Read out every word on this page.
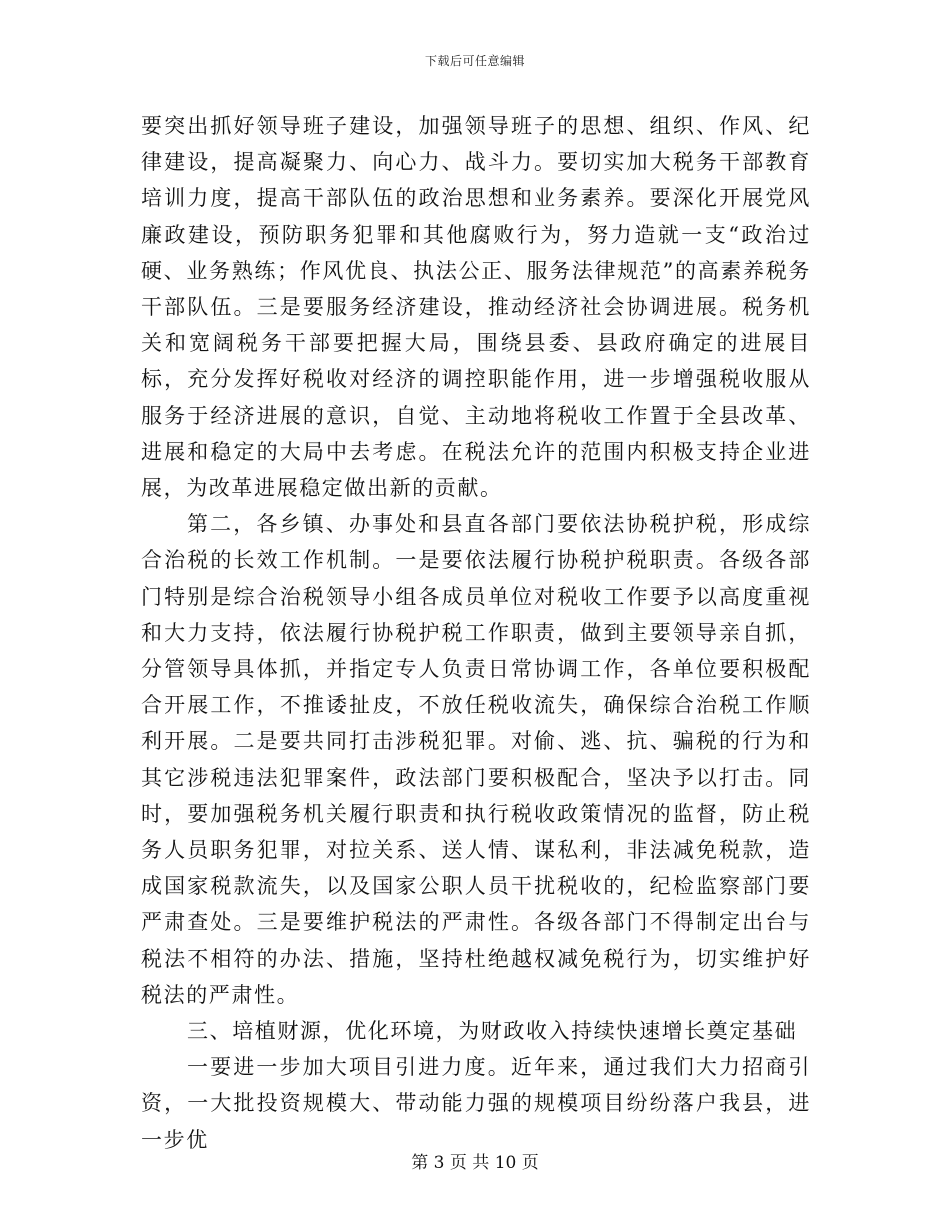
下载后可任意编辑

要突出抓好领导班子建设，加强领导班子的思想、组织、作风、纪律建设，提高凝聚力、向心力、战斗力。要切实加大税务干部教育培训力度，提高干部队伍的政治思想和业务素养。要深化开展党风廉政建设，预防职务犯罪和其他腐败行为，努力造就一支“政治过硬、业务熟练；作风优良、执法公正、服务法律规范”的高素养税务干部队伍。三是要服务经济建设，推动经济社会协调进展。税务机关和宽阔税务干部要把握大局，围绕县委、县政府确定的进展目标，充分发挥好税收对经济的调控职能作用，进一步增强税收服从服务于经济进展的意识，自觉、主动地将税收工作置于全县改革、进展和稳定的大局中去考虑。在税法允许的范围内积极支持企业进展，为改革进展稳定做出新的贡献。

第二，各乡镇、办事处和县直各部门要依法协税护税，形成综合治税的长效工作机制。一是要依法履行协税护税职责。各级各部门特别是综合治税领导小组各成员单位对税收工作要予以高度重视和大力支持，依法履行协税护税工作职责，做到主要领导亲自抓，分管领导具体抓，并指定专人负责日常协调工作，各单位要积极配合开展工作，不推诿扯皮，不放任税收流失，确保综合治税工作顺利开展。二是要共同打击涉税犯罪。对偷、逃、抗、骗税的行为和其它涉税违法犯罪案件，政法部门要积极配合，坚决予以打击。同时，要加强税务机关履行职责和执行税收政策情况的监督，防止税务人员职务犯罪，对拉关系、送人情、谋私利，非法减免税款，造成国家税款流失，以及国家公职人员干扰税收的，纪检监察部门要严肃查处。三是要维护税法的严肃性。各级各部门不得制定出台与税法不相符的办法、措施，坚持杜绝越权减免税行为，切实维护好税法的严肃性。

三、培植财源，优化环境，为财政收入持续快速增长奠定基础

一要进一步加大项目引进力度。近年来，通过我们大力招商引资，一大批投资规模大、带动能力强的规模项目纷纷落户我县，进一步优

第 3 页 共 10 页
